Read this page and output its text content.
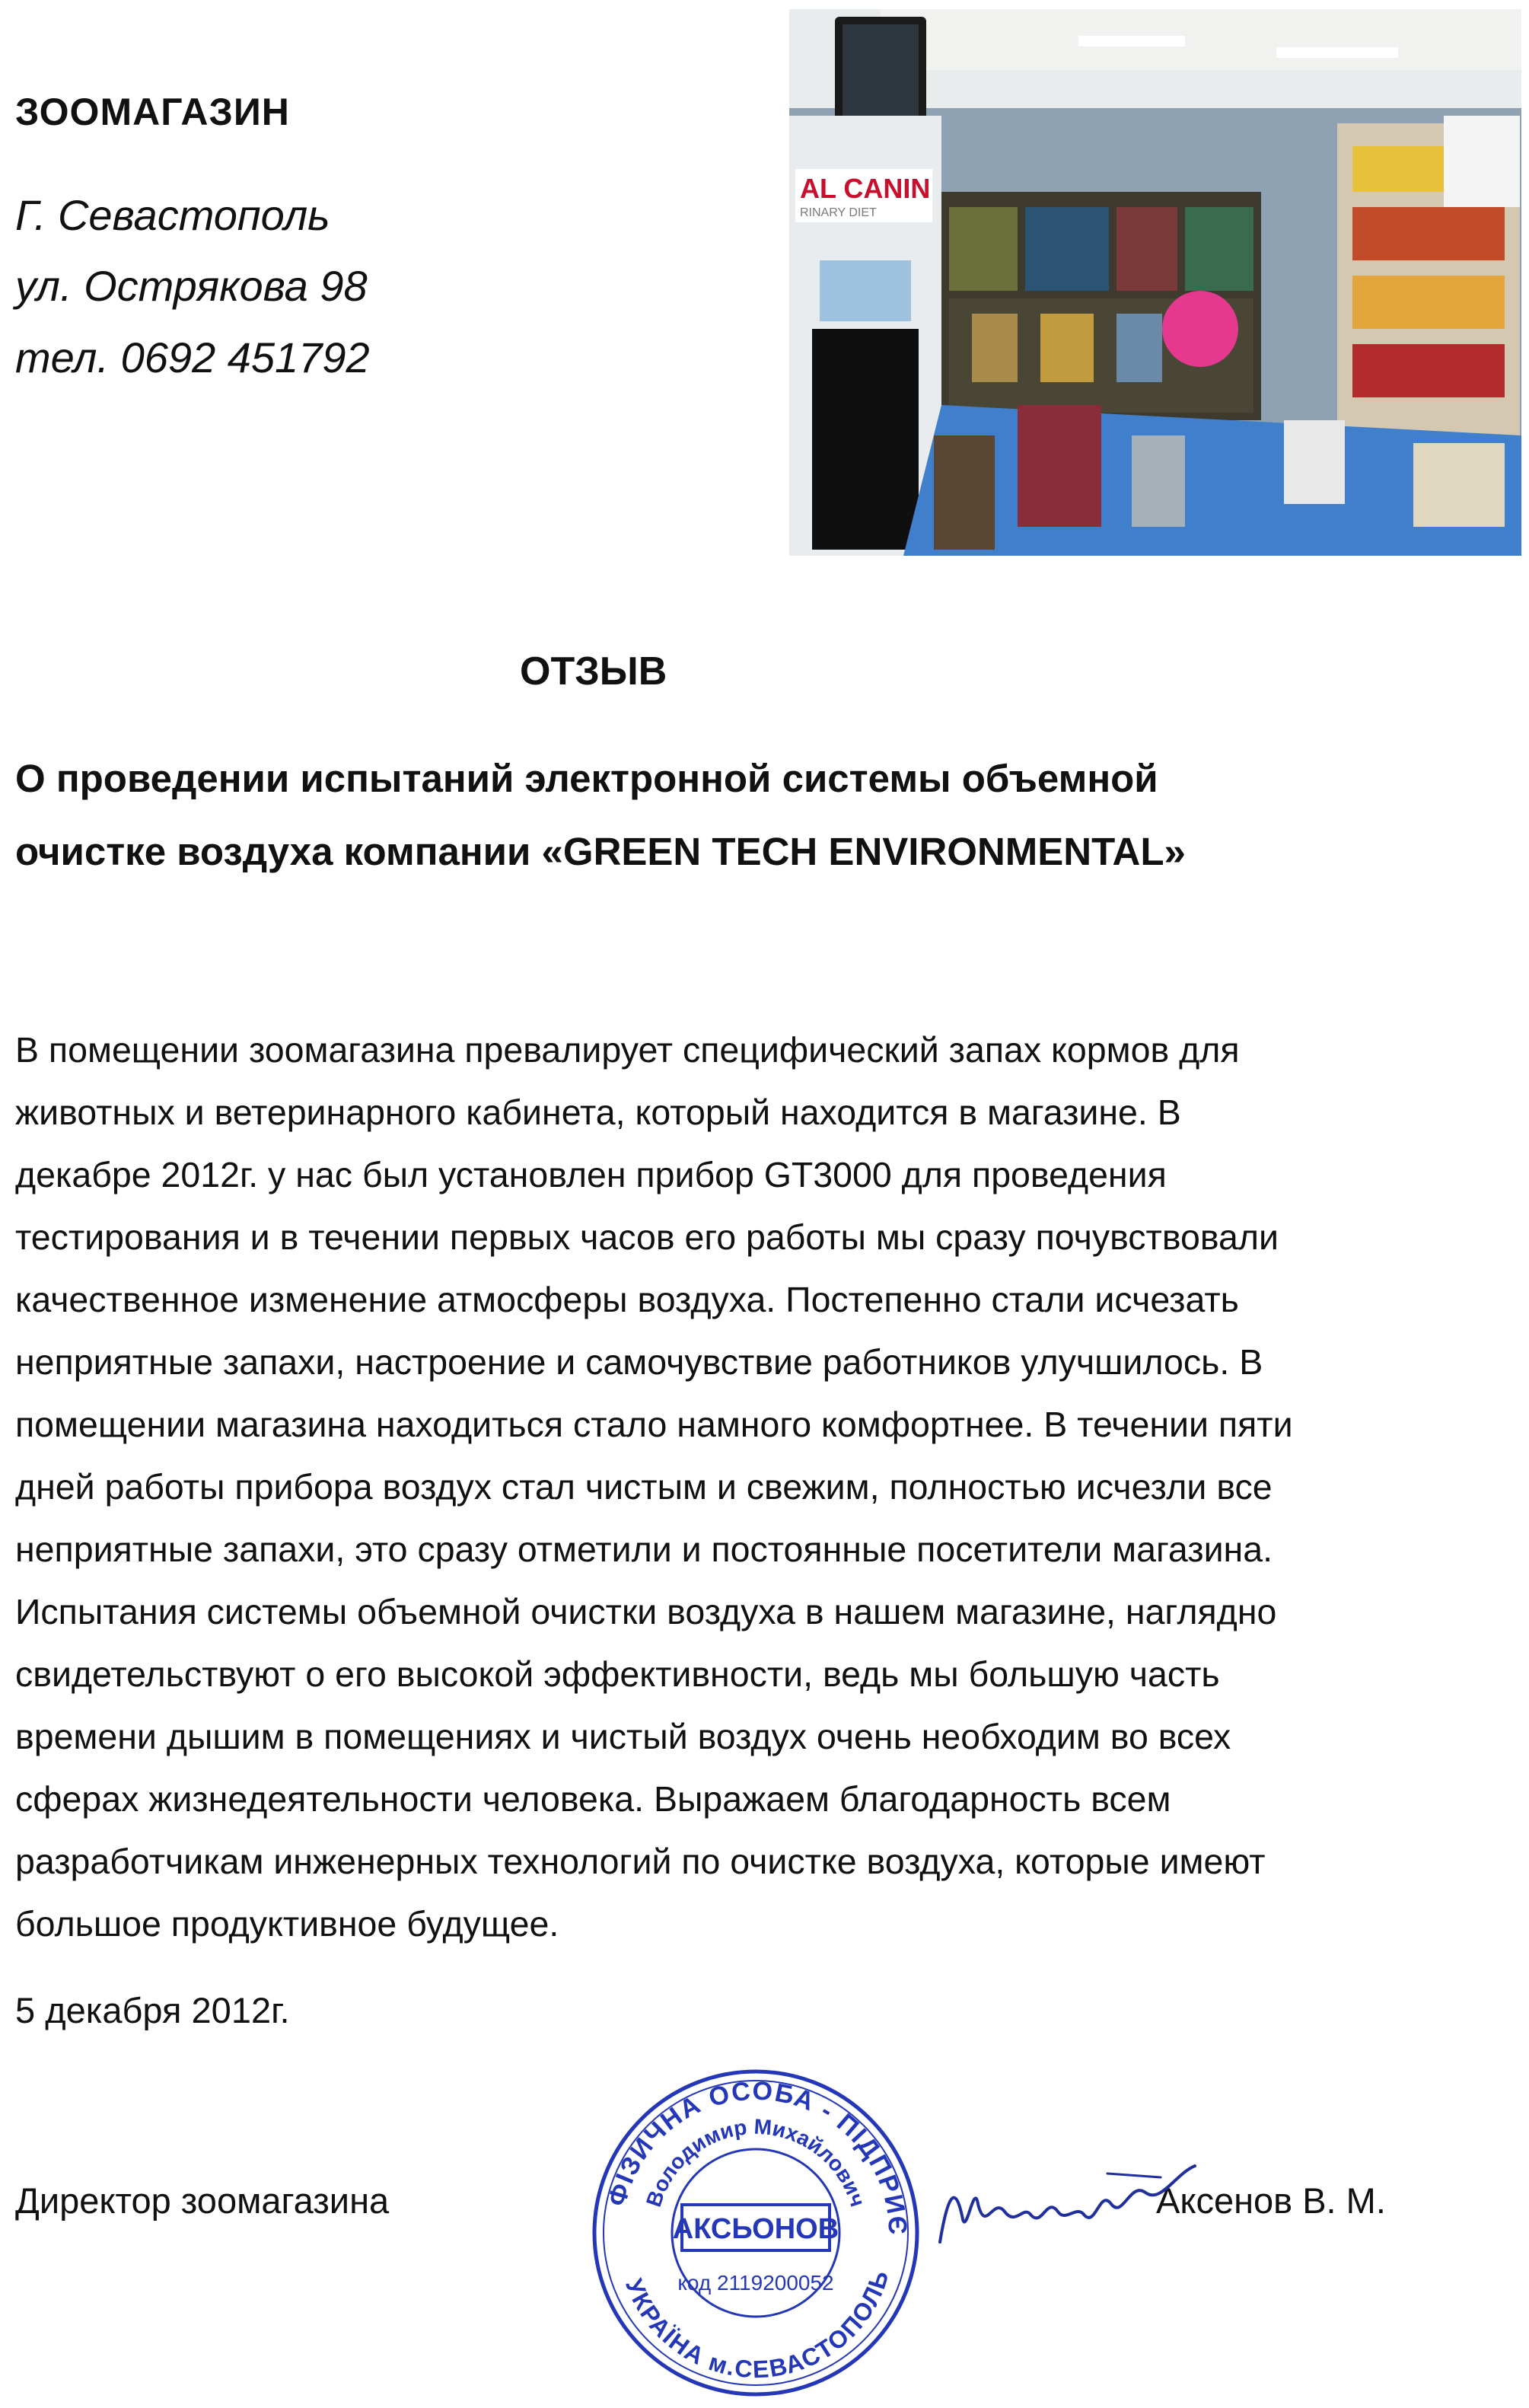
ЗООМАГАЗИН
Г. Севастополь
ул. Острякова 98
тел. 0692 451792
AL CANIN
RINARY DIET
ОТЗЫВ
О проведении испытаний электронной системы объемной
очистке воздуха компании «GREEN TECH ENVIRONMENTAL»
В помещении зоомагазина превалирует специфический запах кормов для
животных и ветеринарного кабинета, который находится в магазине. В
декабре 2012г. у нас был установлен прибор GT3000 для проведения
тестирования и в течении первых часов его работы мы сразу почувствовали
качественное изменение атмосферы воздуха. Постепенно стали исчезать
неприятные запахи, настроение и самочувствие работников улучшилось. В
помещении магазина находиться стало намного комфортнее. В течении пяти
дней работы прибора воздух стал чистым и свежим, полностью исчезли все
неприятные запахи, это сразу отметили и постоянные посетители магазина.
Испытания системы объемной очистки воздуха в нашем магазине, наглядно
свидетельствуют о его высокой эффективности, ведь мы большую часть
времени дышим в помещениях и чистый воздух очень необходим во всех
сферах жизнедеятельности человека. Выражаем благодарность всем
разработчикам инженерных технологий по очистке воздуха, которые имеют
большое продуктивное будущее.
5 декабря 2012г.
Директор зоомагазина	Аксенов В. М.
ФІЗИЧНА ОСОБА - ПІДПРИЄ
Володимир Михайлович
АКСЬОНОВ
код 2119200052
УКРАЇНА м.СЕВАСТОПОЛЬ
